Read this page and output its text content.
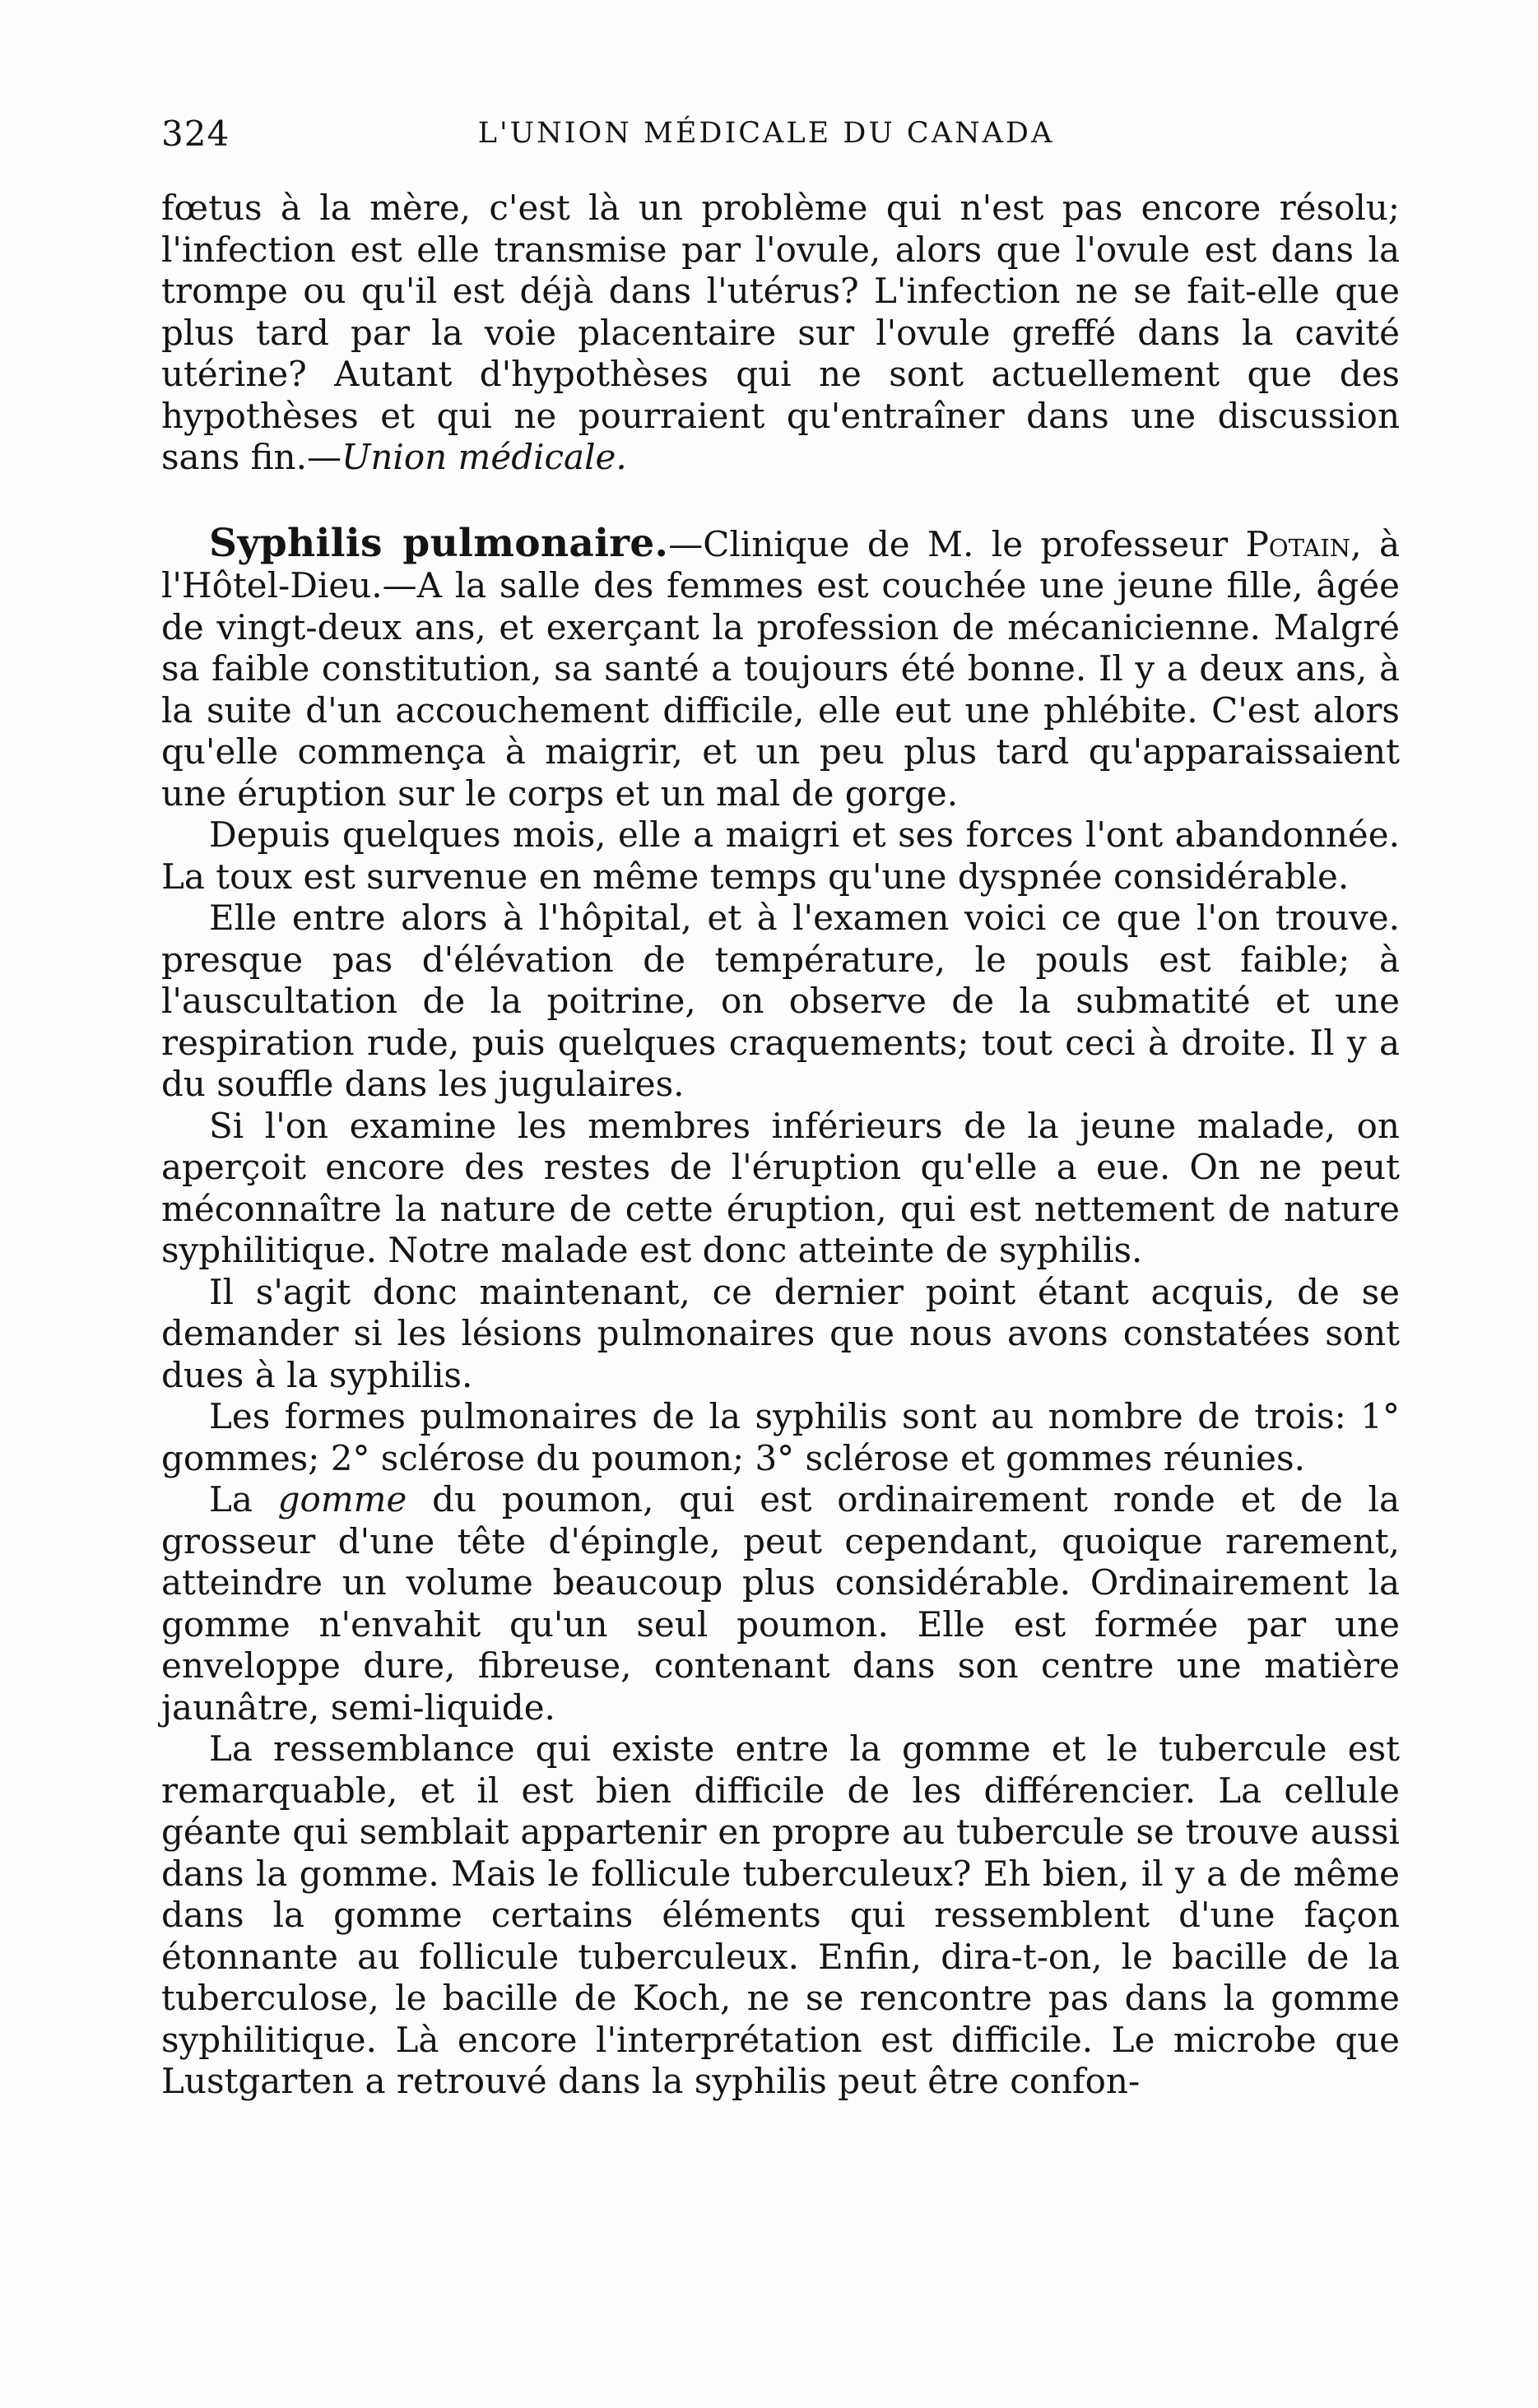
324	L'UNION MÉDICALE DU CANADA

fœtus à la mère, c'est là un problème qui n'est pas encore résolu; l'infection est elle transmise par l'ovule, alors que l'ovule est dans la trompe ou qu'il est déjà dans l'utérus? L'infection ne se fait-elle que plus tard par la voie placentaire sur l'ovule greffé dans la cavité utérine? Autant d'hypothèses qui ne sont actuellement que des hypothèses et qui ne pourraient qu'entraîner dans une discussion sans fin.—Union médicale.

Syphilis pulmonaire.—Clinique de M. le professeur Potain, à l'Hôtel-Dieu.—A la salle des femmes est couchée une jeune fille, âgée de vingt-deux ans, et exerçant la profession de mécanicienne. Malgré sa faible constitution, sa santé a toujours été bonne. Il y a deux ans, à la suite d'un accouchement difficile, elle eut une phlébite. C'est alors qu'elle commença à maigrir, et un peu plus tard qu'apparaissaient une éruption sur le corps et un mal de gorge.

Depuis quelques mois, elle a maigri et ses forces l'ont abandonnée. La toux est survenue en même temps qu'une dyspnée considérable.

Elle entre alors à l'hôpital, et à l'examen voici ce que l'on trouve. presque pas d'élévation de température, le pouls est faible; à l'auscultation de la poitrine, on observe de la submatité et une respiration rude, puis quelques craquements; tout ceci à droite. Il y a du souffle dans les jugulaires.

Si l'on examine les membres inférieurs de la jeune malade, on aperçoit encore des restes de l'éruption qu'elle a eue. On ne peut méconnaître la nature de cette éruption, qui est nettement de nature syphilitique. Notre malade est donc atteinte de syphilis.

Il s'agit donc maintenant, ce dernier point étant acquis, de se demander si les lésions pulmonaires que nous avons constatées sont dues à la syphilis.

Les formes pulmonaires de la syphilis sont au nombre de trois: 1° gommes; 2° sclérose du poumon; 3° sclérose et gommes réunies.

La gomme du poumon, qui est ordinairement ronde et de la grosseur d'une tête d'épingle, peut cependant, quoique rarement, atteindre un volume beaucoup plus considérable. Ordinairement la gomme n'envahit qu'un seul poumon. Elle est formée par une enveloppe dure, fibreuse, contenant dans son centre une matière jaunâtre, semi-liquide.

La ressemblance qui existe entre la gomme et le tubercule est remarquable, et il est bien difficile de les différencier. La cellule géante qui semblait appartenir en propre au tubercule se trouve aussi dans la gomme. Mais le follicule tuberculeux? Eh bien, il y a de même dans la gomme certains éléments qui ressemblent d'une façon étonnante au follicule tuberculeux. Enfin, dira-t-on, le bacille de la tuberculose, le bacille de Koch, ne se rencontre pas dans la gomme syphilitique. Là encore l'interprétation est difficile. Le microbe que Lustgarten a retrouvé dans la syphilis peut être confon-
